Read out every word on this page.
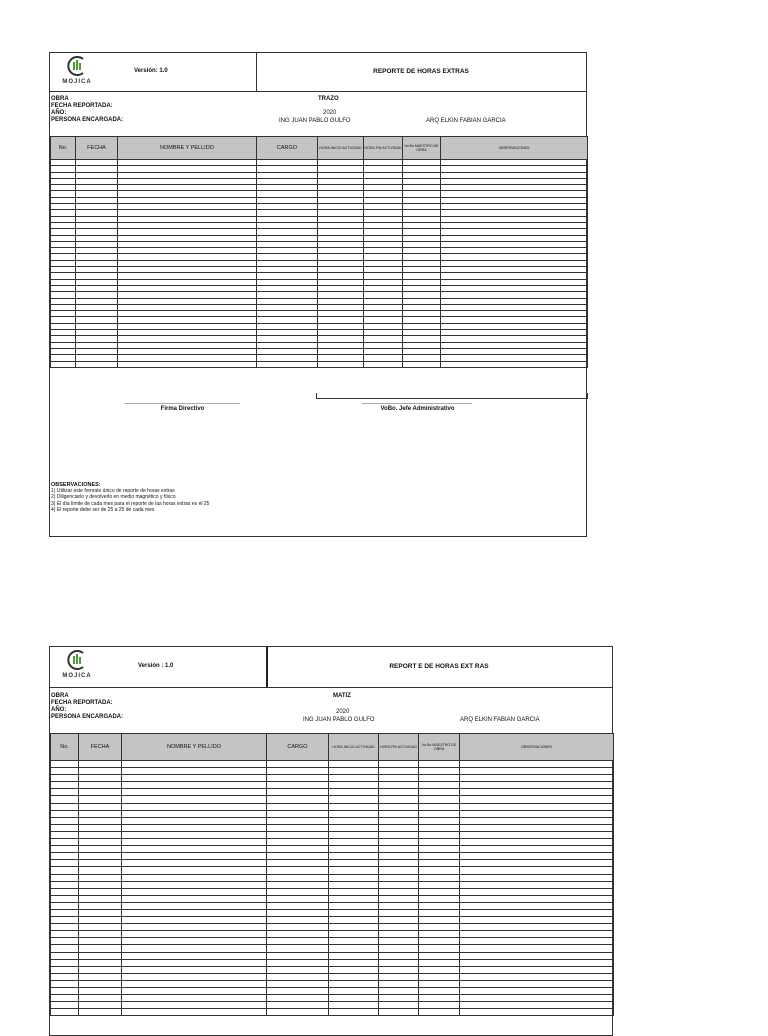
MOJICA
Versión: 1.0	REPORTE DE HORAS EXTRAS
OBRA
FECHA REPORTADA:
AÑO:
PERSONA ENCARGADA:
TRAZO
2020
ING JUAN PABLO GULFO	ARQ ELKIN FABIAN GARCIA
No.	FECHA	NOMBRE Y PELLIDO	CARGO	HORA INICIO ACTIVIDAD	HORA FIN ACTIVIDAD	Vo.Bo MAESTRO DE OBRA	OBSERVACIONES

Firma Directivo	VoBo. Jefe Administrativo
OBSERVACIONES:
1) Utilizar este formato único de reporte de horas extras
2) Diligenciarlo y devolverlo en medio magnético y físico
3) El día límite de cada mes para el reporte de las horas extras es el 25
4) El reporte debe ser de 25 a 25 de cada mes
MOJICA
Versión : 1.0	REPORT E DE HORAS EXT RAS
OBRA
FECHA REPORTADA:
AÑO:
PERSONA ENCARGADA:
MATIZ
2020
ING JUAN PABLO GULFO	ARQ ELKIN FABIAN GARCIA
No.	FECHA	NOMBRE Y PELLIDO	CARGO	HORA INICIO ACTIVIDAD	HORA FIN ACTIVIDAD	Vo.Bo MAESTRO DE OBRA	OBSERVACIONES
